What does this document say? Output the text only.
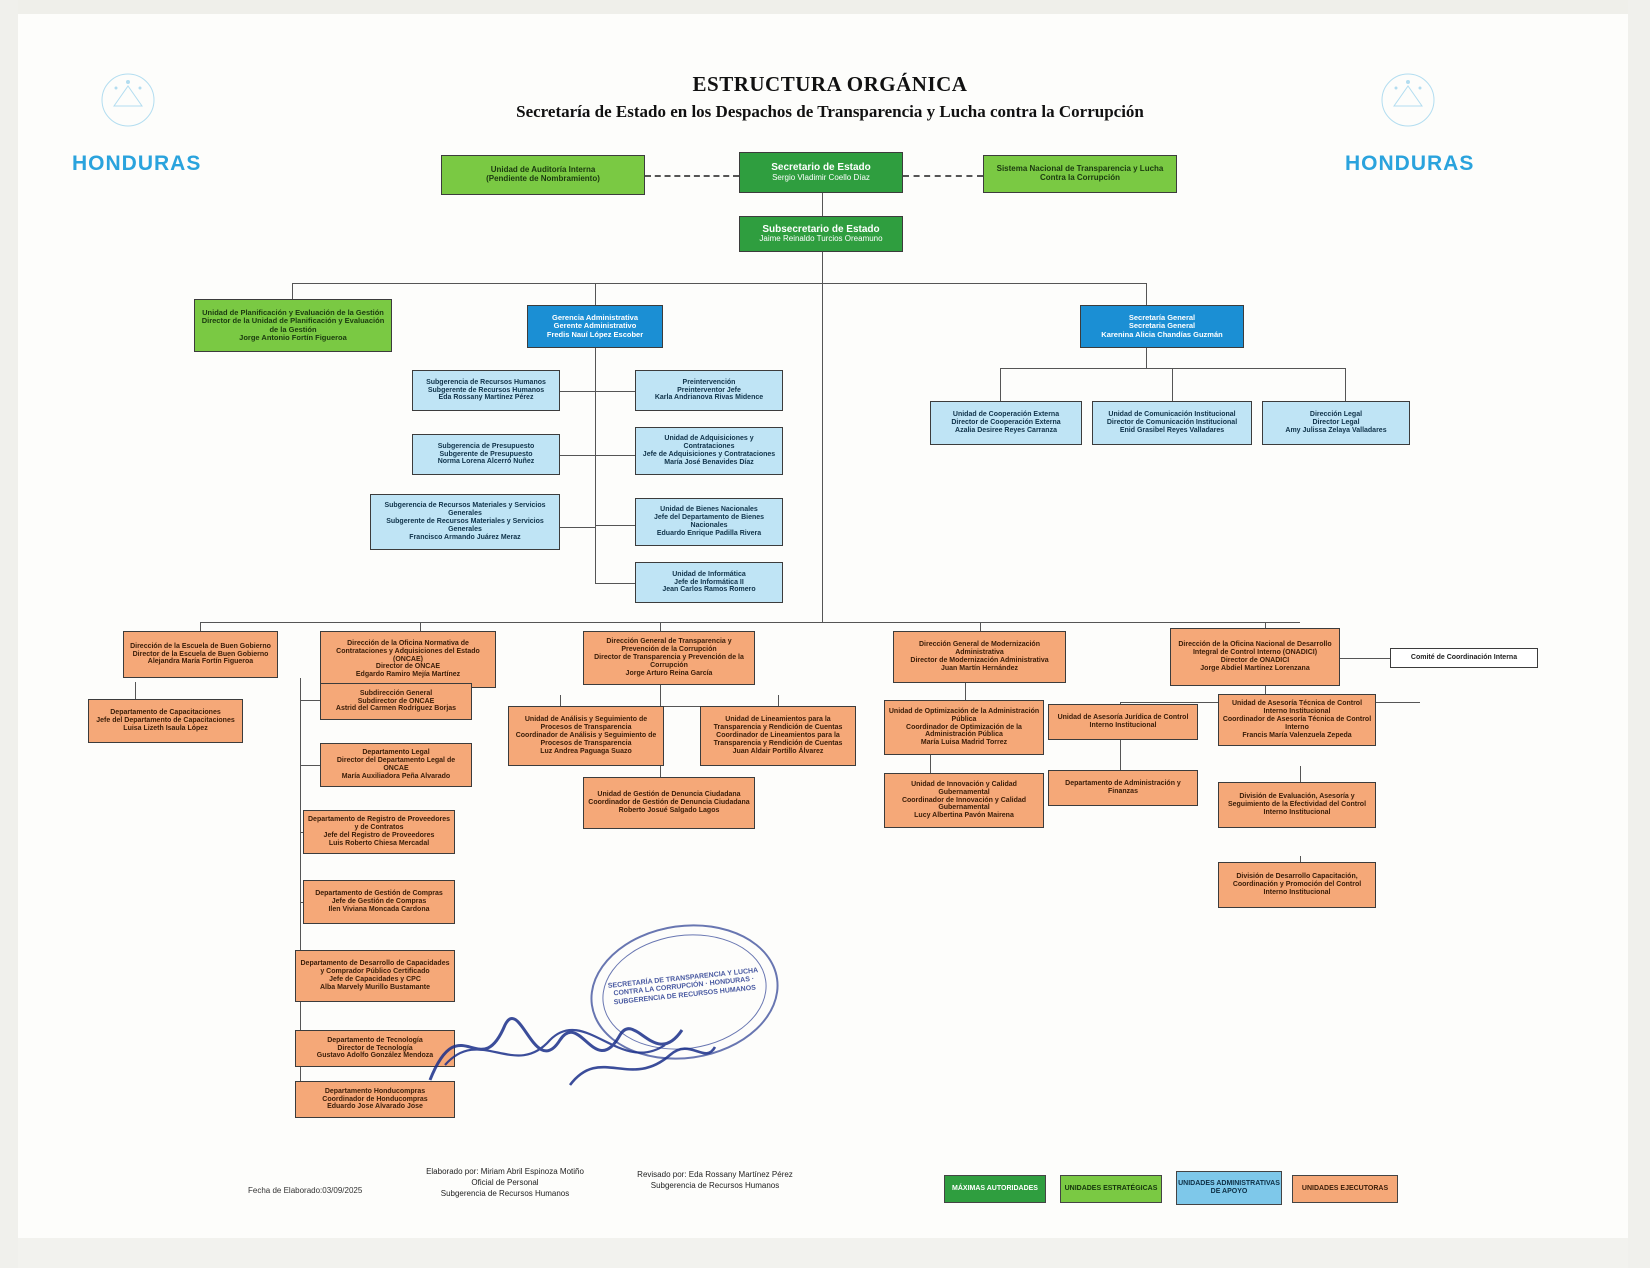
HONDURAS	HONDURAS
ESTRUCTURA ORGÁNICA
Secretaría de Estado en los Despachos de Transparencia y Lucha contra la Corrupción
Unidad de Auditoría Interna
(Pendiente de Nombramiento)
Secretario de Estado
Sergio Vladimir Coello Díaz
Sistema Nacional de Transparencia y Lucha
Contra la Corrupción
Subsecretario de Estado
Jaime Reinaldo Turcios Oreamuno
Unidad de Planificación y Evaluación de la Gestión
Director de la Unidad de Planificación y Evaluación de la Gestión
Jorge Antonio Fortín Figueroa
Gerencia Administrativa
Gerente Administrativo
Fredis Nauí López Escober
Secretaría General
Secretaria General
Karenina Alicia Chandías Guzmán
Subgerencia de Recursos Humanos
Subgerente de Recursos Humanos
Eda Rossany Martínez Pérez
Preintervención
Preinterventor Jefe
Karla Andrianova Rivas Midence
Subgerencia de Presupuesto
Subgerente de Presupuesto
Norma Lorena Alcerró Nuñez
Unidad de Adquisiciones y Contrataciones
Jefe de Adquisiciones y Contrataciones
María José Benavides Díaz
Subgerencia de Recursos Materiales y Servicios Generales
Subgerente de Recursos Materiales y Servicios Generales
Francisco Armando Juárez Meraz
Unidad de Bienes Nacionales
Jefe del Departamento de Bienes Nacionales
Eduardo Enrique Padilla Rivera
Unidad de Informática
Jefe de Informática II
Jean Carlos Ramos Romero
Unidad de Cooperación Externa
Director de Cooperación Externa
Azalia Desiree Reyes Carranza
Unidad de Comunicación Institucional
Director de Comunicación Institucional
Enid Grasibel Reyes Valladares
Dirección Legal
Director Legal
Amy Julissa Zelaya Valladares
Dirección de la Escuela de Buen Gobierno
Director de la Escuela de Buen Gobierno
Alejandra María Fortín Figueroa
Departamento de Capacitaciones
Jefe del Departamento de Capacitaciones
Luisa Lizeth Isaula López
Dirección de la Oficina Normativa de Contrataciones y Adquisiciones del Estado (ONCAE)
Director de ONCAE
Edgardo Ramiro Mejía Martínez
Subdirección General
Subdirector de ONCAE
Astrid del Carmen Rodríguez Borjas
Departamento Legal
Director del Departamento Legal de ONCAE
María Auxiliadora Peña Alvarado
Departamento de Registro de Proveedores y de Contratos
Jefe del Registro de Proveedores
Luis Roberto Chiesa Mercadal
Departamento de Gestión de Compras
Jefe de Gestión de Compras
Ilen Viviana Moncada Cardona
Departamento de Desarrollo de Capacidades y Comprador Público Certificado
Jefe de Capacidades y CPC
Alba Marvely Murillo Bustamante
Departamento de Tecnología
Director de Tecnología
Gustavo Adolfo González Mendoza
Departamento Honducompras
Coordinador de Honducompras
Eduardo Jose Alvarado Jose
Dirección General de Transparencia y Prevención de la Corrupción
Director de Transparencia y Prevención de la Corrupción
Jorge Arturo Reina García
Unidad de Análisis y Seguimiento de Procesos de Transparencia
Coordinador de Análisis y Seguimiento de Procesos de Transparencia
Luz Andrea Paguaga Suazo
Unidad de Lineamientos para la Transparencia y Rendición de Cuentas
Coordinador de Lineamientos para la Transparencia y Rendición de Cuentas
Juan Aldair Portillo Álvarez
Unidad de Gestión de Denuncia Ciudadana
Coordinador de Gestión de Denuncia Ciudadana
Roberto Josué Salgado Lagos
Dirección General de Modernización Administrativa
Director de Modernización Administrativa
Juan Martín Hernández
Unidad de Optimización de la Administración Pública
Coordinador de Optimización de la Administración Pública
María Luisa Madrid Torrez
Unidad de Innovación y Calidad Gubernamental
Coordinador de Innovación y Calidad Gubernamental
Lucy Albertina Pavón Mairena
Dirección de la Oficina Nacional de Desarrollo Integral de Control Interno (ONADICI)
Director de ONADICI
Jorge Abdiel Martínez Lorenzana
Comité de Coordinación Interna
Unidad de Asesoría Jurídica de Control Interno Institucional
Departamento de Administración y Finanzas
Unidad de Asesoría Técnica de Control Interno Institucional
Coordinador de Asesoría Técnica de Control Interno
Francis María Valenzuela Zepeda
División de Evaluación, Asesoría y Seguimiento de la Efectividad del Control Interno Institucional
División de Desarrollo Capacitación, Coordinación y Promoción del Control Interno Institucional
MÁXIMAS AUTORIDADES	UNIDADES ESTRATÉGICAS
UNIDADES ADMINISTRATIVAS DE APOYO	UNIDADES EJECUTORAS
Fecha de Elaborado:03/09/2025
Elaborado por: Miriam Abril Espinoza Motiño
Oficial de Personal
Subgerencia de Recursos Humanos
Revisado por: Eda Rossany Martínez Pérez
Subgerencia de Recursos Humanos
SECRETARÍA DE TRANSPARENCIA Y LUCHA CONTRA LA CORRUPCIÓN · HONDURAS · SUBGERENCIA DE RECURSOS HUMANOS
